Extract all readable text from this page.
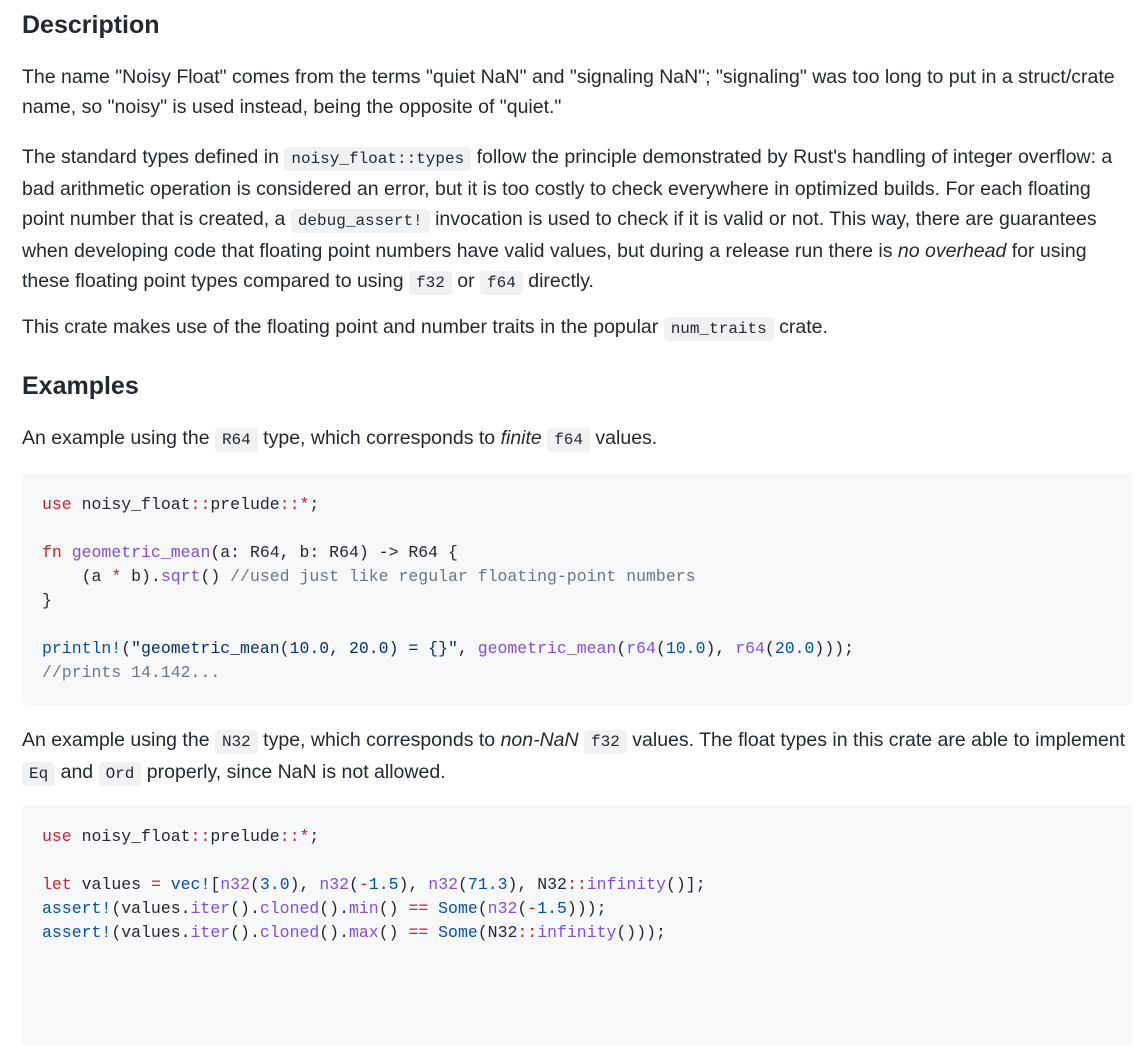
Description

The name "Noisy Float" comes from the terms "quiet NaN" and "signaling NaN"; "signaling" was too long to put in a struct/crate name, so "noisy" is used instead, being the opposite of "quiet."

The standard types defined in noisy_float::types follow the principle demonstrated by Rust's handling of integer overflow: a bad arithmetic operation is considered an error, but it is too costly to check everywhere in optimized builds. For each floating point number that is created, a debug_assert! invocation is used to check if it is valid or not. This way, there are guarantees when developing code that floating point numbers have valid values, but during a release run there is no overhead for using these floating point types compared to using f32 or f64 directly.

This crate makes use of the floating point and number traits in the popular num_traits crate.

Examples

An example using the R64 type, which corresponds to finite f64 values.

use noisy_float::prelude::*;

fn geometric_mean(a: R64, b: R64) -> R64 {
(a * b).sqrt() //used just like regular floating-point numbers
}

println!("geometric_mean(10.0, 20.0) = {}", geometric_mean(r64(10.0), r64(20.0)));
//prints 14.142...

An example using the N32 type, which corresponds to non-NaN f32 values. The float types in this crate are able to implement Eq and Ord properly, since NaN is not allowed.

use noisy_float::prelude::*;

let values = vec![n32(3.0), n32(-1.5), n32(71.3), N32::infinity()];
assert!(values.iter().cloned().min() == Some(n32(-1.5)));
assert!(values.iter().cloned().max() == Some(N32::infinity()));
